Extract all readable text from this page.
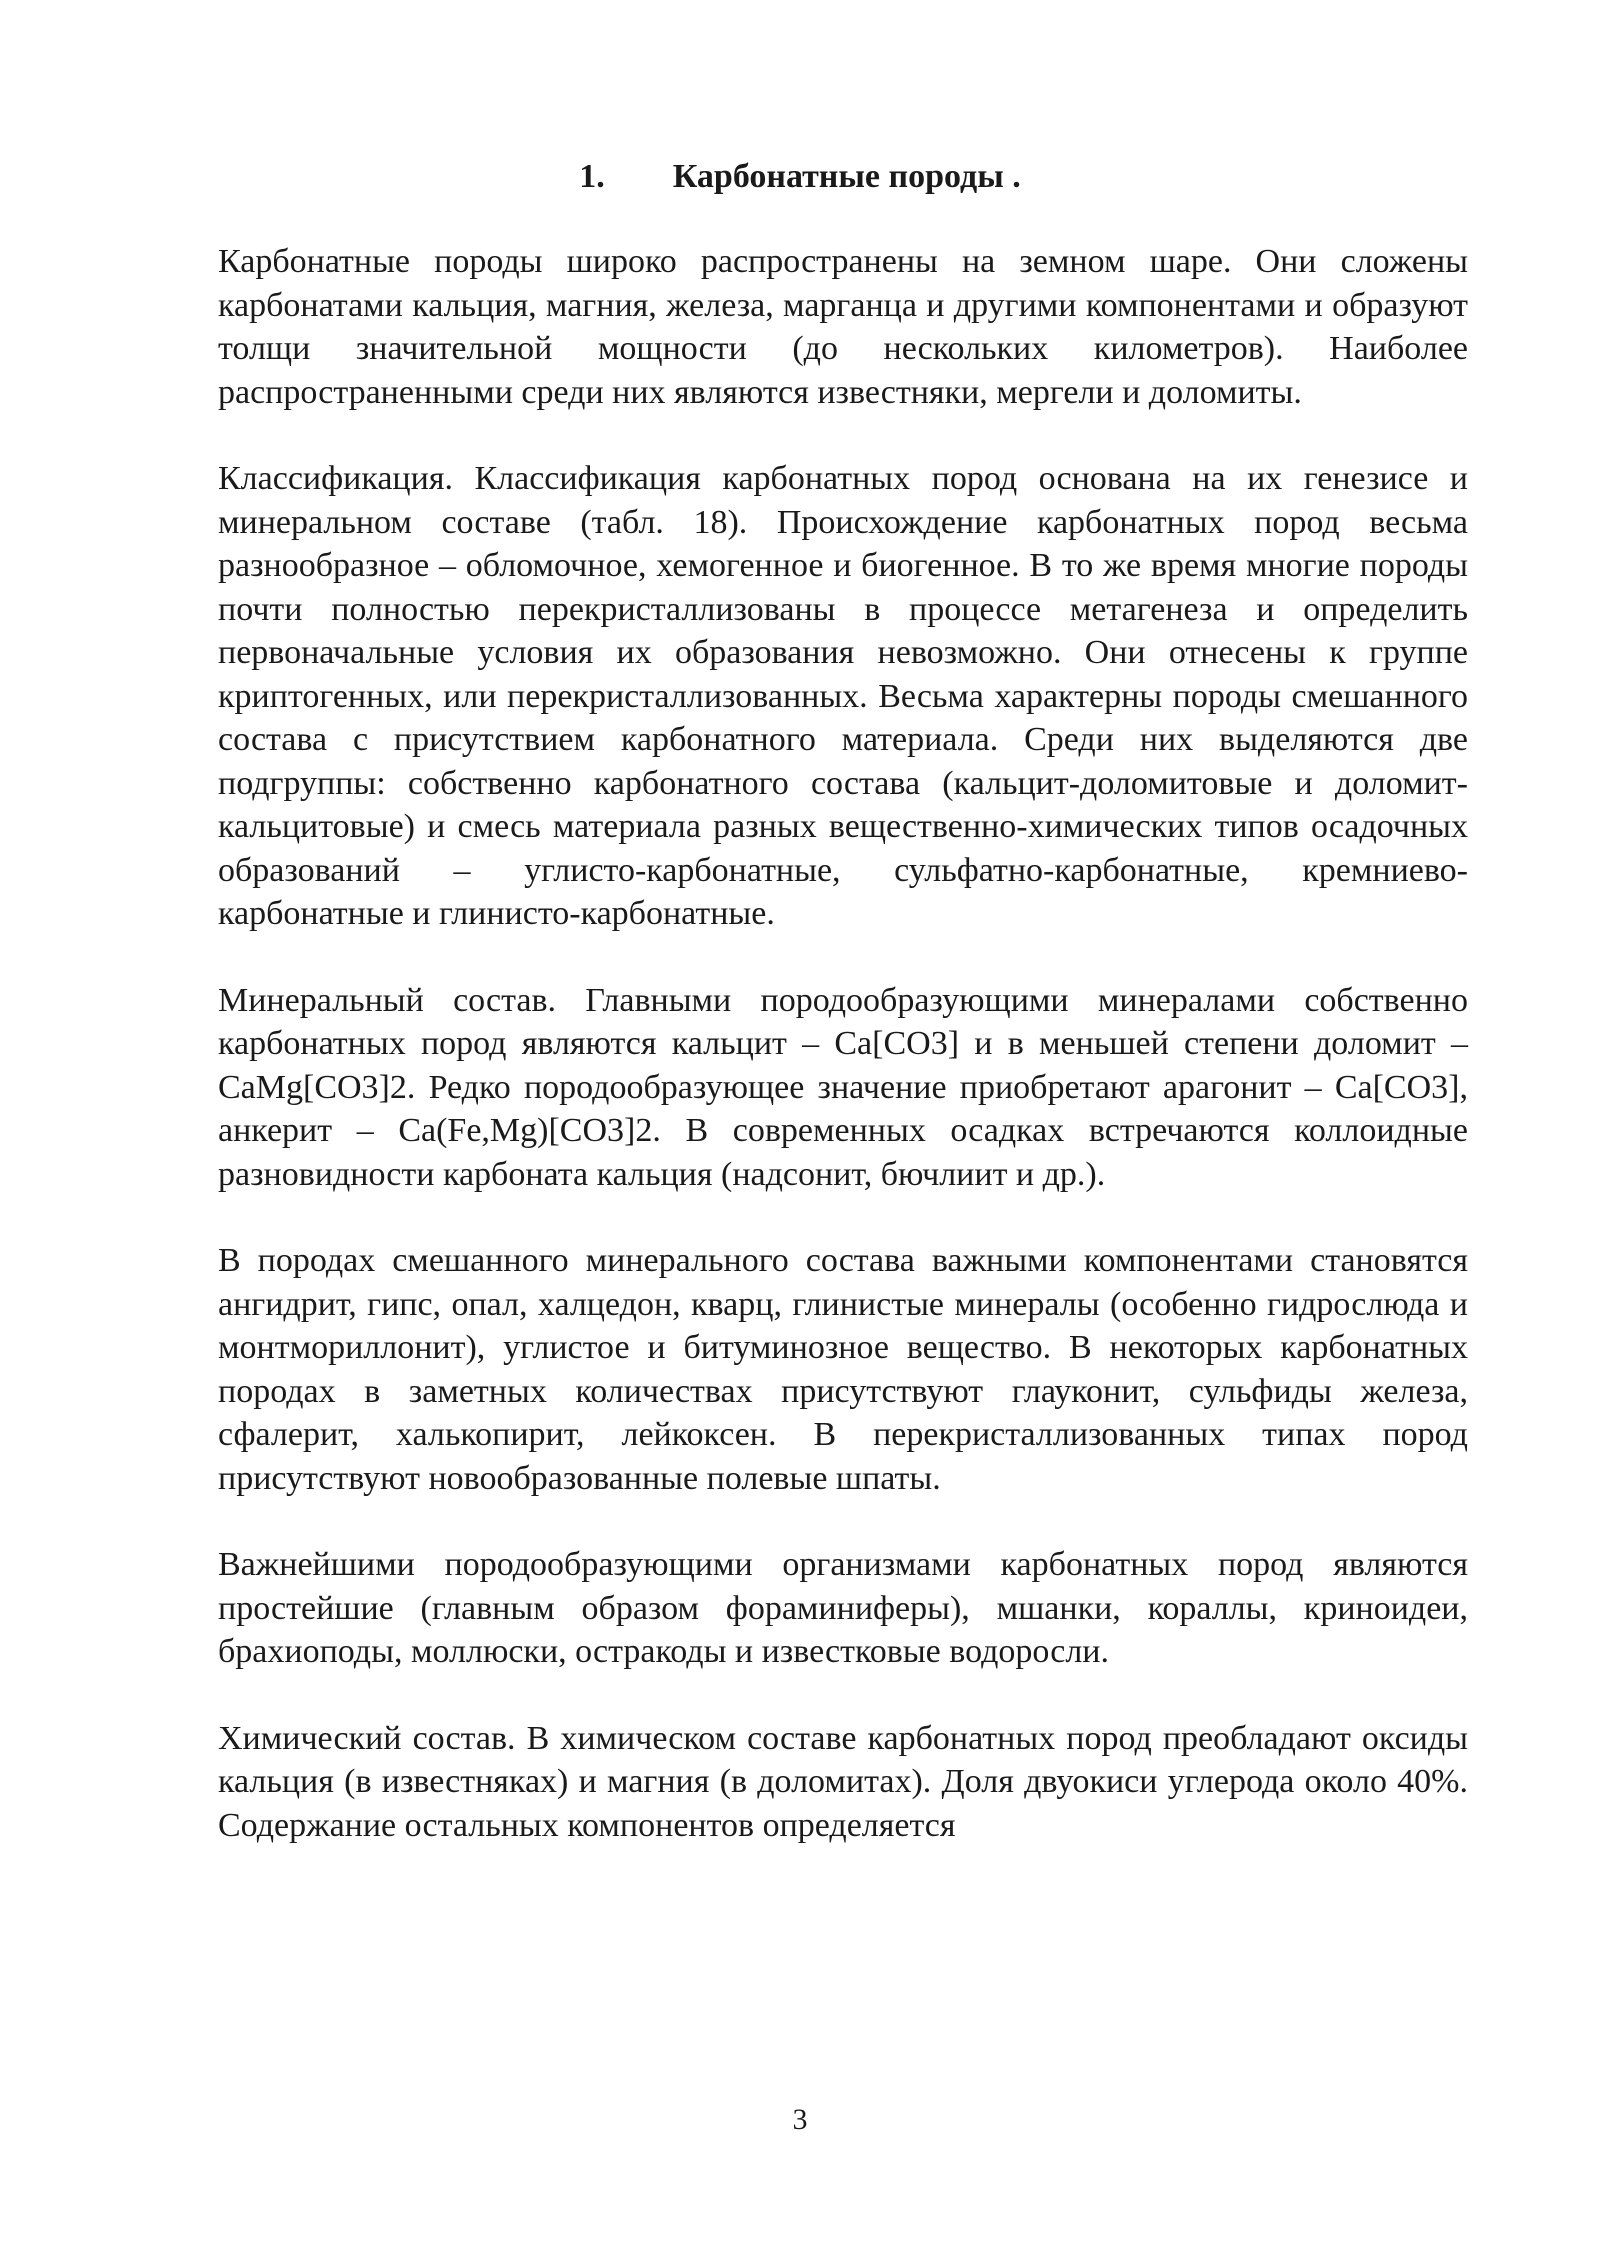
1. Карбонатные породы .

Карбонатные породы широко распространены на земном шаре. Они сложены карбонатами кальция, магния, железа, марганца и другими компонентами и образуют толщи значительной мощности (до нескольких километров). Наиболее распространенными среди них являются известняки, мергели и доломиты.

Классификация. Классификация карбонатных пород основана на их генезисе и минеральном составе (табл. 18). Происхождение карбонатных пород весьма разнообразное – обломочное, хемогенное и биогенное. В то же время многие породы почти полностью перекристаллизованы в процессе метагенеза и определить первоначальные условия их образования невозможно. Они отнесены к группе криптогенных, или перекристаллизованных. Весьма характерны породы смешанного состава с присутствием карбонатного материала. Среди них выделяются две подгруппы: собственно карбонатного состава (кальцит-доломитовые и доломит-кальцитовые) и смесь материала разных вещественно-химических типов осадочных образований – углисто-карбонатные, сульфатно-карбонатные, кремниево-карбонатные и глинисто-карбонатные.

Минеральный состав. Главными породообразующими минералами собственно карбонатных пород являются кальцит – Ca[CO3] и в меньшей степени доломит – CaMg[CO3]2. Редко породообразующее значение приобретают арагонит – Ca[CO3], анкерит – Ca(Fe,Mg)[CO3]2. В современных осадках встречаются коллоидные разновидности карбоната кальция (надсонит, бючлиит и др.).

В породах смешанного минерального состава важными компонентами становятся ангидрит, гипс, опал, халцедон, кварц, глинистые минералы (особенно гидрослюда и монтмориллонит), углистое и битуминозное вещество. В некоторых карбонатных породах в заметных количествах присутствуют глауконит, сульфиды железа, сфалерит, халькопирит, лейкоксен. В перекристаллизованных типах пород присутствуют новообразованные полевые шпаты.

Важнейшими породообразующими организмами карбонатных пород являются простейшие (главным образом фораминиферы), мшанки, кораллы, криноидеи, брахиоподы, моллюски, остракоды и известковые водоросли.

Химический состав. В химическом составе карбонатных пород преобладают оксиды кальция (в известняках) и магния (в доломитах). Доля двуокиси углерода около 40%. Содержание остальных компонентов определяется

3
